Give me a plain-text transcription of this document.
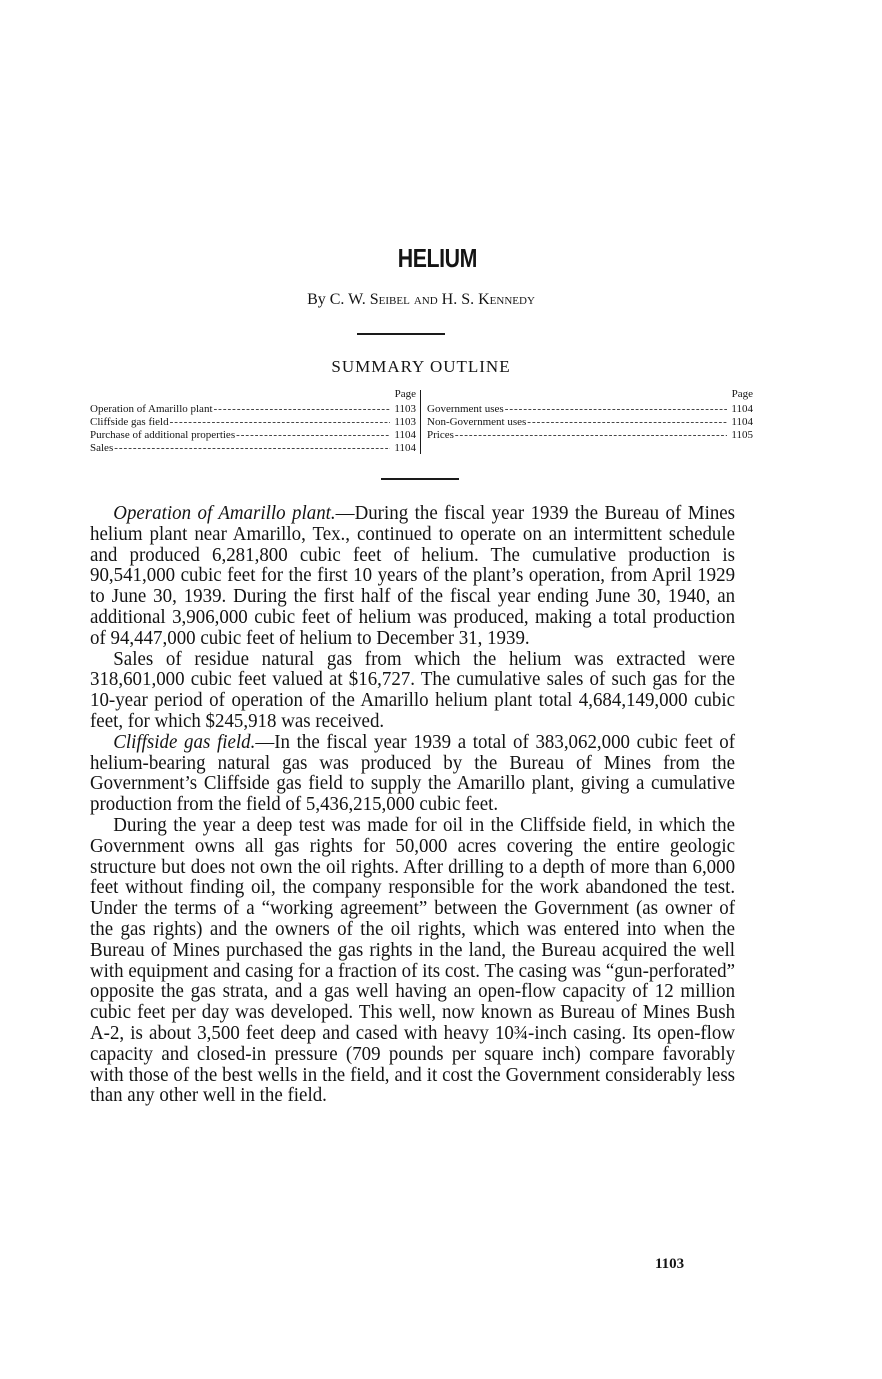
HELIUM
By C. W. Seibel and H. S. Kennedy
SUMMARY OUTLINE
Page
Operation of Amarillo plant -----	1103
Cliffside gas field -----	1103
Purchase of additional properties -----	1104
Sales -----	1104
Page
Government uses -----	1104
Non-Government uses -----	1104
Prices -----	1105

Operation of Amarillo plant.—During the fiscal year 1939 the Bureau of Mines helium plant near Amarillo, Tex., continued to operate on an intermittent schedule and produced 6,281,800 cubic feet of helium. The cumulative production is 90,541,000 cubic feet for the first 10 years of the plant’s operation, from April 1929 to June 30, 1939. During the first half of the fiscal year ending June 30, 1940, an additional 3,906,000 cubic feet of helium was produced, making a total production of 94,447,000 cubic feet of helium to December 31, 1939.

Sales of residue natural gas from which the helium was extracted were 318,601,000 cubic feet valued at $16,727. The cumulative sales of such gas for the 10-year period of operation of the Amarillo helium plant total 4,684,149,000 cubic feet, for which $245,918 was received.

Cliffside gas field.—In the fiscal year 1939 a total of 383,062,000 cubic feet of helium-bearing natural gas was produced by the Bureau of Mines from the Government’s Cliffside gas field to supply the Amarillo plant, giving a cumulative production from the field of 5,436,215,000 cubic feet.

During the year a deep test was made for oil in the Cliffside field, in which the Government owns all gas rights for 50,000 acres covering the entire geologic structure but does not own the oil rights. After drilling to a depth of more than 6,000 feet without finding oil, the company responsible for the work abandoned the test. Under the terms of a “working agreement” between the Government (as owner of the gas rights) and the owners of the oil rights, which was entered into when the Bureau of Mines purchased the gas rights in the land, the Bureau acquired the well with equipment and casing for a fraction of its cost. The casing was “gun-perforated” opposite the gas strata, and a gas well having an open-flow capacity of 12 million cubic feet per day was developed. This well, now known as Bureau of Mines Bush A-2, is about 3,500 feet deep and cased with heavy 10¾-inch casing. Its open-flow capacity and closed-in pressure (709 pounds per square inch) compare favorably with those of the best wells in the field, and it cost the Government considerably less than any other well in the field.

1103
